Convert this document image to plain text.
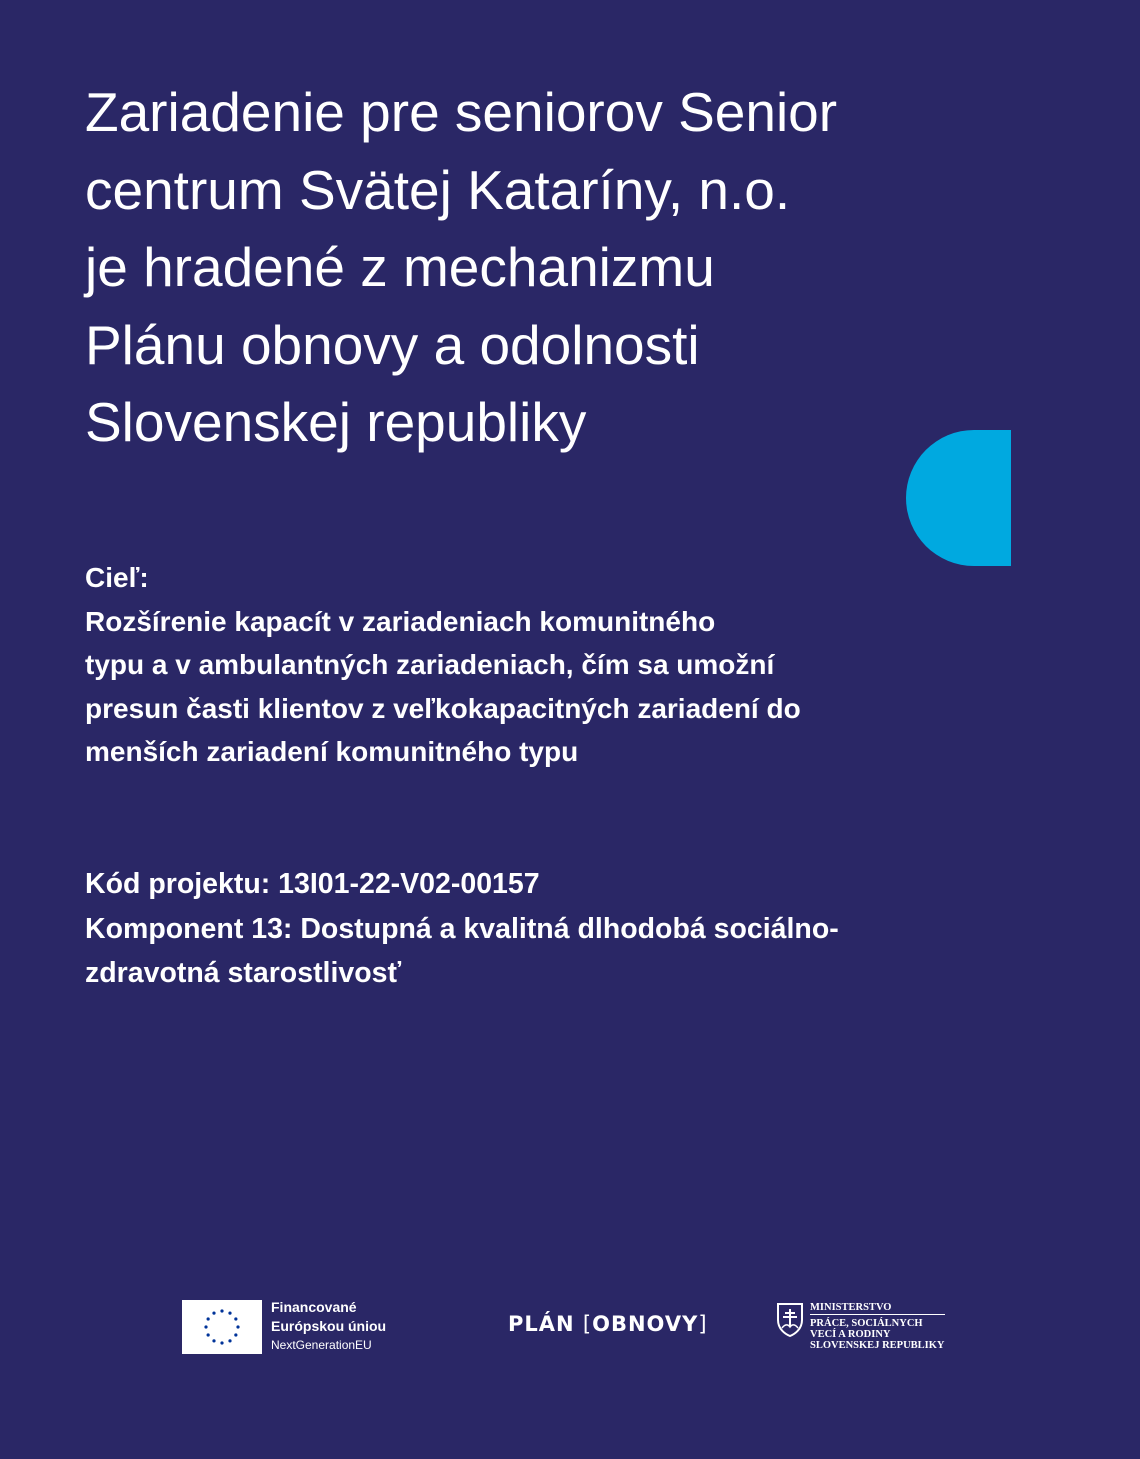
Zariadenie pre seniorov Senior
centrum Svätej Kataríny, n.o.
je hradené z mechanizmu
Plánu obnovy a odolnosti
Slovenskej republiky
Cieľ:
Rozšírenie kapacít v zariadeniach komunitného
typu a v ambulantných zariadeniach, čím sa umožní
presun časti klientov z veľkokapacitných zariadení do
menších zariadení komunitného typu
Kód projektu: 13I01-22-V02-00157
Komponent 13: Dostupná a kvalitná dlhodobá sociálno-
zdravotná starostlivosť
Financované
Európskou úniou
NextGenerationEU
PLÁN [OBNOVY]
MINISTERSTVO
PRÁCE, SOCIÁLNYCH
VECÍ A RODINY
SLOVENSKEJ REPUBLIKY
